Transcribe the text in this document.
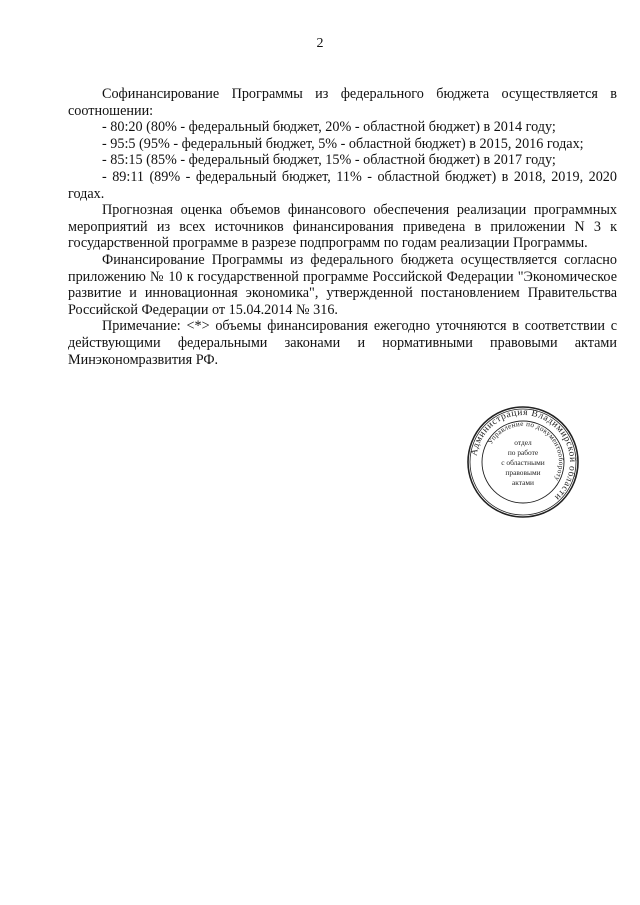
2

Софинансирование Программы из федерального бюджета осуществляется в соотношении:

- 80:20 (80% - федеральный бюджет, 20% - областной бюджет) в 2014 году;

- 95:5 (95% - федеральный бюджет, 5% - областной бюджет) в 2015, 2016 годах;

- 85:15 (85% - федеральный бюджет, 15% - областной бюджет) в 2017 году;

- 89:11 (89% - федеральный бюджет, 11% - областной бюджет) в 2018, 2019, 2020 годах.

Прогнозная оценка объемов финансового обеспечения реализации программных мероприятий из всех источников финансирования приведена в приложении N 3 к государственной программе в разрезе подпрограмм по годам реализации Программы.

Финансирование Программы из федерального бюджета осуществляется согласно приложению № 10 к государственной программе Российской Федерации "Экономическое развитие и инновационная экономика", утвержденной постановлением Правительства Российской Федерации от 15.04.2014 № 316.

Примечание: <*> объемы финансирования ежегодно уточняются в соответствии с действующими федеральными законами и нормативными правовыми актами Минэкономразвития РФ.

Администрация Владимирской области
Управление по документообороту
отдел
по работе
с областными
правовыми
актами
